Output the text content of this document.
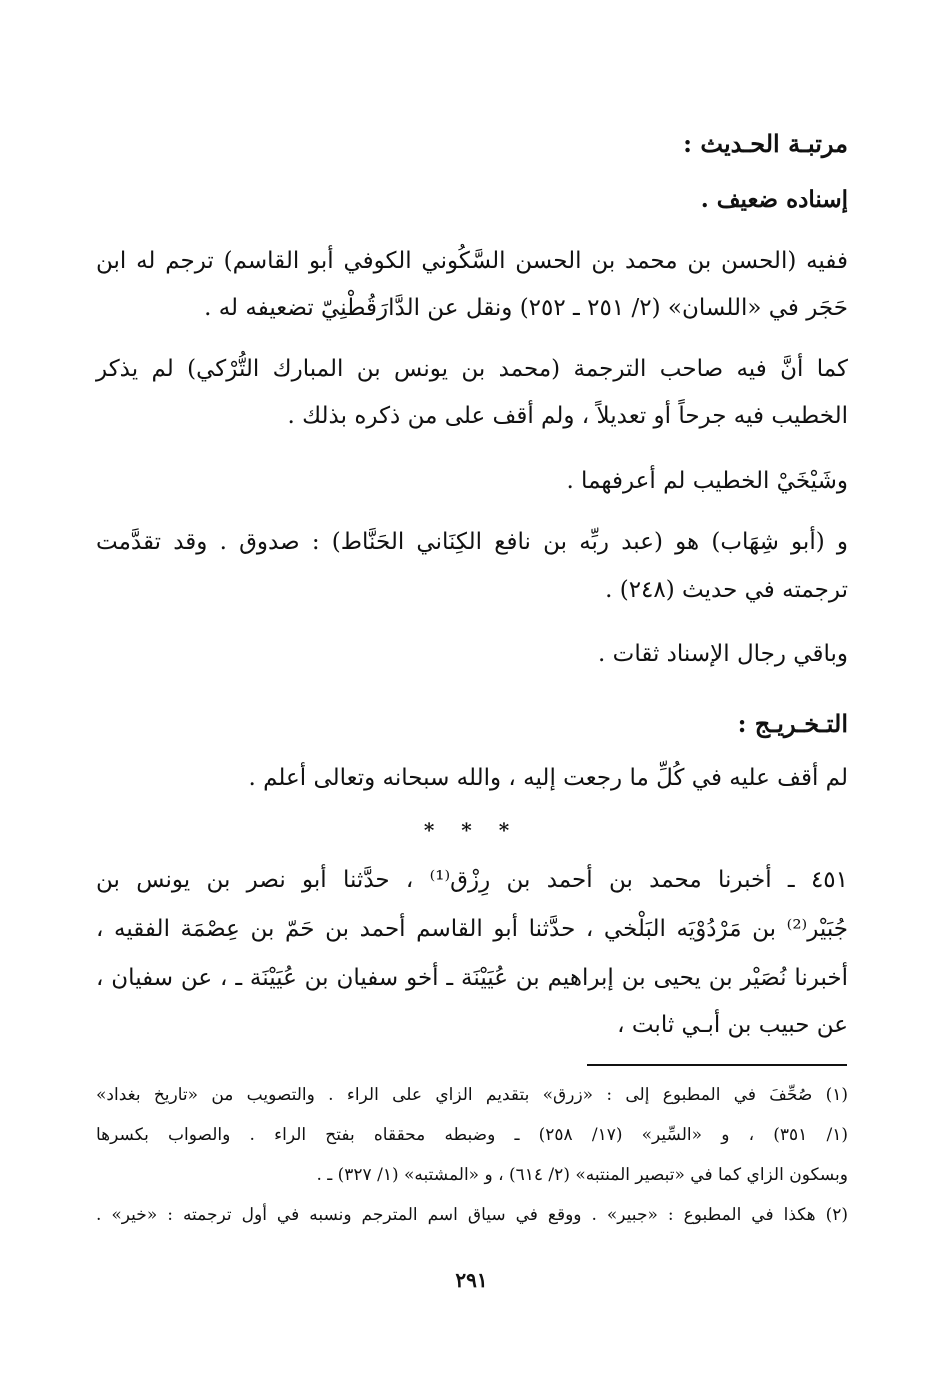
مرتبـة الحـديث :
إسناده ضعيف .
ففيه (الحسن بن محمد بن الحسن السَّكُوني الكوفي أبو القاسم) ترجم له ابن
حَجَر في «اللسان» (٢/ ٢٥١ ـ ٢٥٢) ونقل عن الدَّارَقُطْنِيّ تضعيفه له .
كما أنَّ فيه صاحب الترجمة (محمد بن يونس بن المبارك التُّرْكي) لم يذكر
الخطيب فيه جرحاً أو تعديلاً ، ولم أقف على من ذكره بذلك .
وشَيْخَيْ الخطيب لم أعرفهما .
و (أبو شِهَاب) هو (عبد ربِّه بن نافع الكِنَاني الحَنَّاط) : صدوق . وقد تقدَّمت
ترجمته في حديث (٢٤٨) .
وباقي رجال الإسناد ثقات .
التـخـريـج :
لم أقف عليه في كُلِّ ما رجعت إليه ، والله سبحانه وتعالى أعلم .
٤٥١ ـ أخبرنا محمد بن أحمد بن رِزْق⁽¹⁾ ، حدَّثنا أبو نصر بن يونس بن
جُبَيْر⁽²⁾ بن مَرْدُوْيَه البَلْخي ، حدَّثنا أبو القاسم أحمد بن حَمّ بن عِصْمَة الفقيه ،
أخبرنا نُصَيْر بن يحيى بن إبراهيم بن عُيَيْنَة ـ أخو سفيان بن عُيَيْنَة ـ ، عن سفيان ،
عن حبيب بن أبـي ثابت ،
(١) صُحِّفَ في المطبوع إلى : «زرق» بتقديم الزاي على الراء . والتصويب من «تاريخ بغداد»
(١/ ٣٥١) ، و «السِّير» (١٧/ ٢٥٨) ـ وضبطه محققاه بفتح الراء . والصواب بكسرها
وبسكون الزاي كما في «تبصير المنتبه» (٢/ ٦١٤) ، و «المشتبه» (١/ ٣٢٧) ـ .
(٢) هكذا في المطبوع : «جبير» . ووقع في سياق اسم المترجم ونسبه في أول ترجمته : «خير» .
* * *
٢٩١
